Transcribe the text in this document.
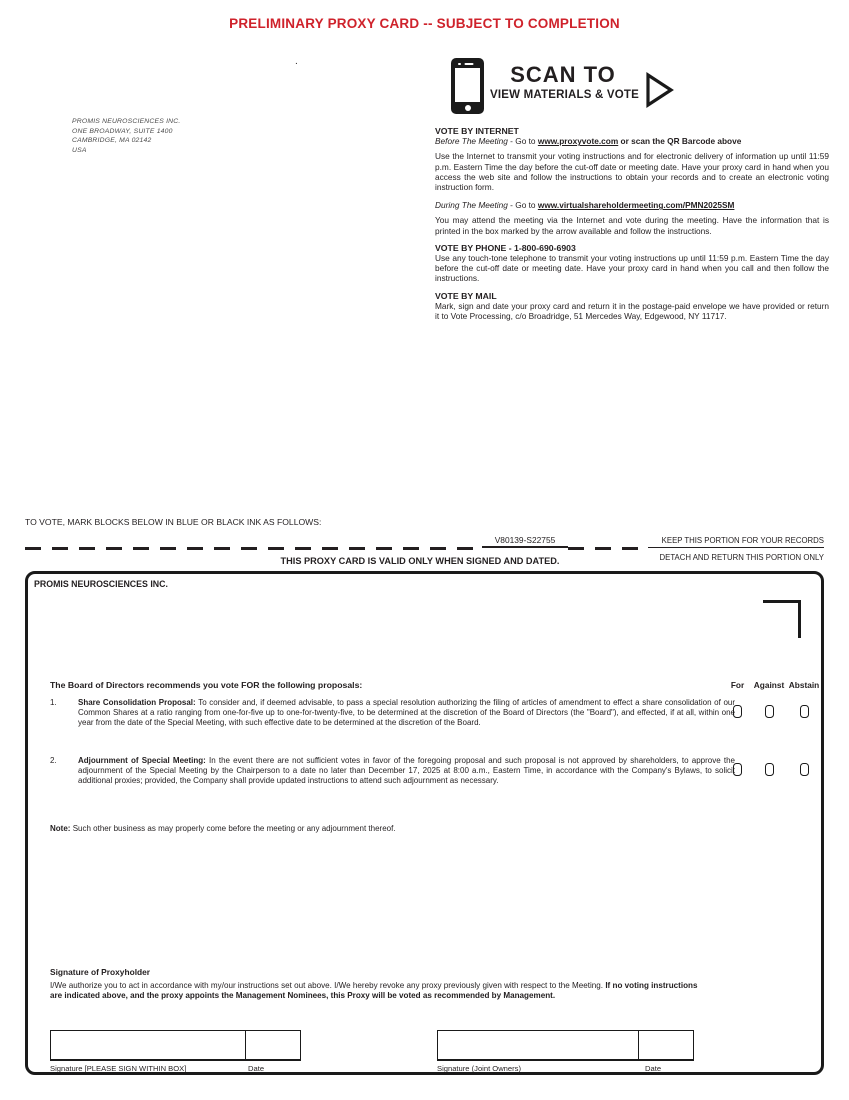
PRELIMINARY PROXY CARD -- SUBJECT TO COMPLETION
.
PROMIS NEUROSCIENCES INC.
ONE BROADWAY, SUITE 1400
CAMBRIDGE, MA 02142
USA
SCAN TO
VIEW MATERIALS & VOTE
VOTE BY INTERNET
Before The Meeting - Go to www.proxyvote.com or scan the QR Barcode above

Use the Internet to transmit your voting instructions and for electronic delivery of information up until 11:59 p.m. Eastern Time the day before the cut-off date or meeting date. Have your proxy card in hand when you access the web site and follow the instructions to obtain your records and to create an electronic voting instruction form.

During The Meeting - Go to www.virtualshareholdermeeting.com/PMN2025SM

You may attend the meeting via the Internet and vote during the meeting. Have the information that is printed in the box marked by the arrow available and follow the instructions.

VOTE BY PHONE - 1-800-690-6903

Use any touch-tone telephone to transmit your voting instructions up until 11:59 p.m. Eastern Time the day before the cut-off date or meeting date. Have your proxy card in hand when you call and then follow the instructions.

VOTE BY MAIL

Mark, sign and date your proxy card and return it in the postage-paid envelope we have provided or return it to Vote Processing, c/o Broadridge, 51 Mercedes Way, Edgewood, NY 11717.

TO VOTE, MARK BLOCKS BELOW IN BLUE OR BLACK INK AS FOLLOWS:
V80139-S22755	KEEP THIS PORTION FOR YOUR RECORDS
THIS PROXY CARD IS VALID ONLY WHEN SIGNED AND DATED.	DETACH AND RETURN THIS PORTION ONLY
PROMIS NEUROSCIENCES INC.
The Board of Directors recommends you vote FOR the following proposals:	For	Against Abstain
1.	Share Consolidation Proposal: To consider and, if deemed advisable, to pass a special resolution authorizing the filing of articles of amendment to effect a share consolidation of our Common Shares at a ratio ranging from one-for-five up to one-for-twenty-five, to be determined at the discretion of the Board of Directors (the "Board"), and effected, if at all, within one year from the date of the Special Meeting, with such effective date to be determined at the discretion of the Board.
2.	Adjournment of Special Meeting: In the event there are not sufficient votes in favor of the foregoing proposal and such proposal is not approved by shareholders, to approve the adjournment of the Special Meeting by the Chairperson to a date no later than December 17, 2025 at 8:00 a.m., Eastern Time, in accordance with the Company's Bylaws, to solicit additional proxies; provided, the Company shall provide updated instructions to attend such adjournment as necessary.
Note: Such other business as may properly come before the meeting or any adjournment thereof.
Signature of Proxyholder
I/We authorize you to act in accordance with my/our instructions set out above. I/We hereby revoke any proxy previously given with respect to the Meeting. If no voting instructions are indicated above, and the proxy appoints the Management Nominees, this Proxy will be voted as recommended by Management.
Signature [PLEASE SIGN WITHIN BOX]	Date	Signature (Joint Owners)	Date
